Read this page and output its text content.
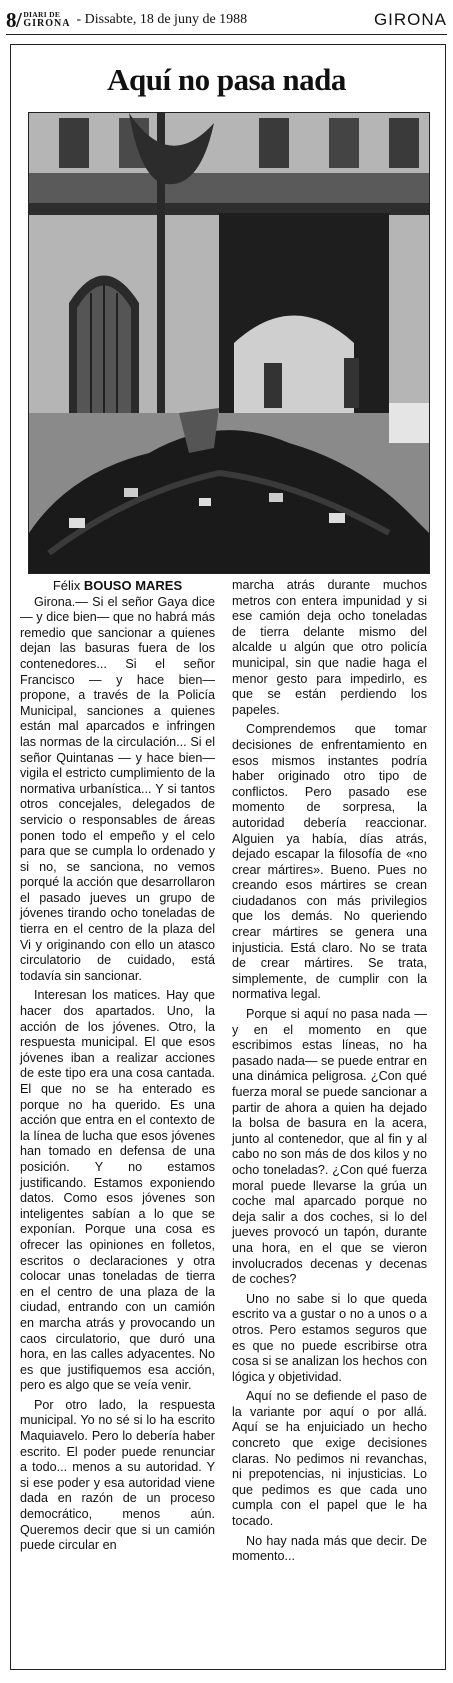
8/ DIARI DE
GIRONA - Dissabte, 18 de juny de 1988	GIRONA
Aquí no pasa nada
Félix BOUSO MARES

Girona.— Si el señor Gaya dice — y dice bien— que no habrá más remedio que sancionar a quienes dejan las basuras fuera de los contenedores... Si el señor Francisco — y hace bien— propone, a través de la Policía Municipal, sanciones a quienes están mal aparcados e infringen las normas de la circulación... Si el señor Quintanas — y hace bien— vigila el estricto cumplimiento de la normativa urbanística... Y si tantos otros concejales, delegados de servicio o responsables de áreas ponen todo el empeño y el celo para que se cumpla lo ordenado y si no, se sanciona, no vemos porqué la acción que desarrollaron el pasado jueves un grupo de jóvenes tirando ocho toneladas de tierra en el centro de la plaza del Vi y originando con ello un atasco circulatorio de cuidado, está todavía sin sancionar.

Interesan los matices. Hay que hacer dos apartados. Uno, la acción de los jóvenes. Otro, la respuesta municipal. El que esos jóvenes iban a realizar acciones de este tipo era una cosa cantada. El que no se ha enterado es porque no ha querido. Es una acción que entra en el contexto de la línea de lucha que esos jóvenes han tomado en defensa de una posición. Y no estamos justificando. Estamos exponiendo datos. Como esos jóvenes son inteligentes sabían a lo que se exponían. Porque una cosa es ofrecer las opiniones en folletos, escritos o declaraciones y otra colocar unas toneladas de tierra en el centro de una plaza de la ciudad, entrando con un camión en marcha atrás y provocando un caos circulatorio, que duró una hora, en las calles adyacentes. No es que justifiquemos esa acción, pero es algo que se veía venir.

Por otro lado, la respuesta municipal. Yo no sé si lo ha escrito Maquiavelo. Pero lo debería haber escrito. El poder puede renunciar a todo... menos a su autoridad. Y si ese poder y esa autoridad viene dada en razón de un proceso democrático, menos aún. Queremos decir que si un camión puede circular en

marcha atrás durante muchos metros con entera impunidad y si ese camión deja ocho toneladas de tierra delante mismo del alcalde u algún que otro policía municipal, sin que nadie haga el menor gesto para impedirlo, es que se están perdiendo los papeles.

Comprendemos que tomar decisiones de enfrentamiento en esos mismos instantes podría haber originado otro tipo de conflictos. Pero pasado ese momento de sorpresa, la autoridad debería reaccionar. Alguien ya había, días atrás, dejado escapar la filosofía de «no crear mártires». Bueno. Pues no creando esos mártires se crean ciudadanos con más privilegios que los demás. No queriendo crear mártires se genera una injusticia. Está claro. No se trata de crear mártires. Se trata, simplemente, de cumplir con la normativa legal.

Porque si aquí no pasa nada —y en el momento en que escribimos estas líneas, no ha pasado nada— se puede entrar en una dinámica peligrosa. ¿Con qué fuerza moral se puede sancionar a partir de ahora a quien ha dejado la bolsa de basura en la acera, junto al contenedor, que al fin y al cabo no son más de dos kilos y no ocho toneladas?. ¿Con qué fuerza moral puede llevarse la grúa un coche mal aparcado porque no deja salir a dos coches, si lo del jueves provocó un tapón, durante una hora, en el que se vieron involucrados decenas y decenas de coches?

Uno no sabe si lo que queda escrito va a gustar o no a unos o a otros. Pero estamos seguros que es que no puede escribirse otra cosa si se analizan los hechos con lógica y objetividad.

Aquí no se defiende el paso de la variante por aquí o por allá. Aquí se ha enjuiciado un hecho concreto que exige decisiones claras. No pedimos ni revanchas, ni prepotencias, ni injusticias. Lo que pedimos es que cada uno cumpla con el papel que le ha tocado.

No hay nada más que decir. De momento...
